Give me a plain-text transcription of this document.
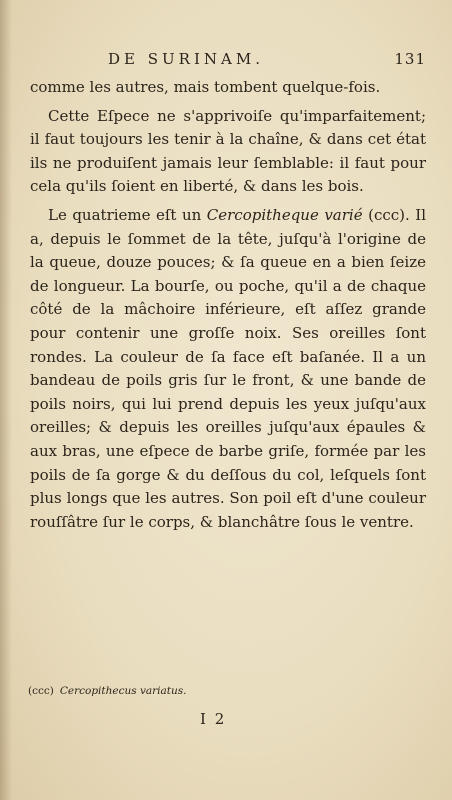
DE SURINAM.	131

comme les autres, mais tombent quelque-fois.

Cette Eſpece ne s'apprivoiſe qu'imparfaitement; il faut toujours les tenir à la chaîne, & dans cet état ils ne produiſent jamais leur ſemblable: il faut pour cela qu'ils ſoient en liberté, & dans les bois.

Le quatrieme eſt un Cercopitheque varié (ccc). Il a, depuis le ſommet de la tête, juſqu'à l'origine de la queue, douze pouces; & ſa queue en a bien ſeize de longueur. La bourſe, ou poche, qu'il a de chaque côté de la mâchoire inférieure, eſt aſſez grande pour contenir une groſſe noix. Ses oreilles ſont rondes. La couleur de ſa face eſt baſanée. Il a un bandeau de poils gris ſur le front, & une bande de poils noirs, qui lui prend depuis les yeux juſqu'aux oreilles; & depuis les oreilles juſqu'aux épaules & aux bras, une eſpece de barbe griſe, formée par les poils de ſa gorge & du deſſous du col, leſquels ſont plus longs que les autres. Son poil eſt d'une couleur rouſſâtre ſur le corps, & blanchâtre ſous le ventre.

(ccc) Cercopithecus variatus.
I 2
